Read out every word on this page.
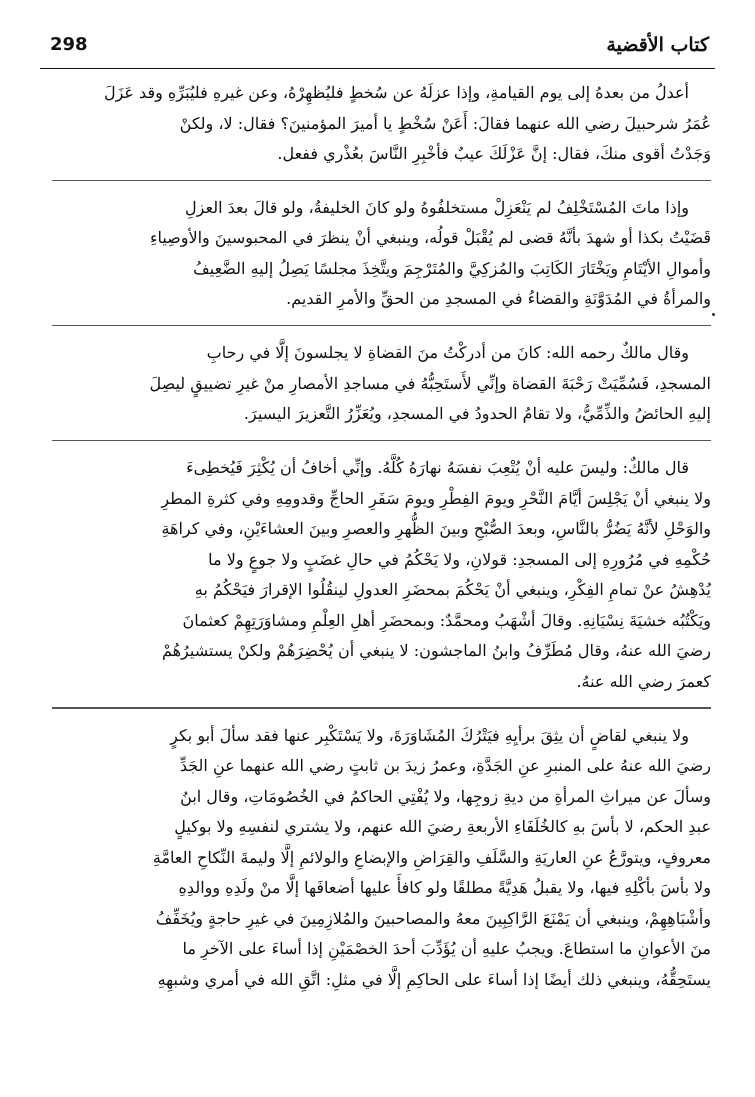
298	كتاب الأقضية

أعدلُ من بعدهُ إلى يوم القيامةِ، وإذا عزلَهُ عن سُخطٍ فليُظهِرْهُ، وعن غيرهِ فليُبَرِّهِ وقد عَزَلَ

عُمَرُ شرحبيلَ رضي الله عنهما فقالَ: أَعَنْ سُخْطٍ يا أميرَ المؤمنينَ؟ فقال: لا، ولكنْ

وَجَدْتُ أقوى منكَ، فقال: إنَّ عَزْلَكَ عيبٌ فأخْبِرِ النَّاسَ بعُذْري ففعل.

وإذا ماتَ المُسْتَخْلِفُ لم يَنْعَزِلْ مستخلفُوهُ ولو كانَ الخليفةُ، ولو قالَ بعدَ العزلِ

قَضَيْتُ بكذا أو شهدَ بأنَّهُ قضى لم يُقْبَلْ قولُه، وينبغي أنْ ينظرَ في المحبوسينَ والأوصِياءِ

وأموالِ الأيْتَامِ ويَخْتَارَ الكَاتِبَ والمُزكِيَّ والمُتَرْجِمَ ويتَّخِذَ مجلسًا يَصِلُ إليهِ الضَّعِيفُ

والمرأةُ في المُدَوَّنَةِ والقضاءُ في المسجدِ من الحقِّ والأمرِ القديم.

وقال مالكٌ رحمه الله: كانَ من أدركْتُ منَ القضاةِ لا يجلسونَ إلَّا في رحابِ

المسجدِ، فَسُمِّيَتْ رَحْبَةَ القضاة وإنِّي لأَستَحِبُّهُ في مساجدِ الأمصارِ منْ غيرِ تضييقٍ ليصِلَ

إليهِ الحائضُ والذِّمِّيُّ، ولا تقامُ الحدودُ في المسجدِ، ويُعَزِّرُ التَّعزيرَ اليسيرَ.

قال مالكٌ: وليسَ عليه أنْ يُتْعِبَ نفسَهُ نهارَهُ كُلَّهُ. وإنِّي أخافُ أن يُكْثِرَ فَيُخطِىءَ

ولا ينبغي أنْ يَجْلِسَ أيَّامَ النَّحْرِ ويومَ الفِطْرِ ويومَ سَفَرِ الحاجِّ وقدومِهِ وفي كثرةِ المطرِ

والوَحْلِ لأنَّهُ يَضُرُّ بالنَّاسِ، وبعدَ الصُّبْحِ وبينَ الظُّهرِ والعصرِ وبينَ العشاءَيْنِ، وفي كراهَةِ

حُكْمِهِ في مُرُورِهِ إلى المسجدِ: قولانِ، ولا يَحْكُمُ في حالِ غضَبٍ ولا جوعٍ ولا ما

يُدْهِشُ عنْ تمامِ الفِكْرِ، وينبغي أنْ يَحْكُمَ بمحضَرِ العدولِ لينقُلُوا الإقرارَ فيَحْكُمُ بهِ

ويَكْتُبُه خشيَةَ نِسْيَانِهِ. وقالَ أشْهَبُ ومحمَّدٌ: وبمحضَرِ أهلِ العِلْمِ ومشاوَرَتِهِمْ كعثمانَ

رضيَ الله عنهُ، وقال مُطَرِّفُ وابنُ الماجشون: لا ينبغي أن يُحْضِرَهُمْ ولكنْ يستشيرُهُمْ

كعمرَ رضي الله عنهُ.

ولا ينبغي لقاضٍ أن يثِقَ برأيِهِ فيَتْرُكَ المُشَاوَرَةَ، ولا يَسْتَكْبِر عنها فقد سألَ أبو بكرٍ

رضيَ الله عنهُ على المنبرِ عنِ الجَدَّةِ، وعمرُ زيدَ بن ثابتٍ رضي الله عنهما عنِ الجَدِّ

وسألَ عن ميراثِ المرأةِ من ديةِ زوجِها، ولا يُفْتِي الحاكمُ في الخُصُومَاتِ، وقال ابنُ

عبدِ الحكم، لا بأسَ بهِ كالخُلَفَاءِ الأربعةِ رضيَ الله عنهم، ولا يشتري لنفسِهِ ولا بوكيلٍ

معروفٍ، ويتورَّعُ عنِ العاريَةِ والسَّلَفِ والقِرَاضِ والإبضاعِ والولائمِ إلَّا وليمةَ النِّكاحِ العامَّةِ

ولا بأسَ بأكْلِهِ فيها، ولا يقبلُ هَدِيَّةً مطلقًا ولو كافأَ عليها أضعافَها إلَّا منْ ولَدِهِ ووالدِهِ

وأشْبَاهِهِمْ، وينبغي أن يَمْنَعَ الرَّاكِبِينَ معهُ والمصاحبينَ والمُلازِمِينَ في غيرِ حاجةٍ ويُخَفِّفُ

منَ الأعوانِ ما استطاعَ. ويجبُ عليهِ أن يُؤَدِّبَ أحدَ الخصْمَيْنِ إذا أساءَ على الآخرِ ما

يستَحِقُّهُ، وينبغي ذلك أيضًا إذا أساءَ على الحاكِمِ إلَّا في مثلِ: اتَّقِ الله في أمري وشبهِهِ
